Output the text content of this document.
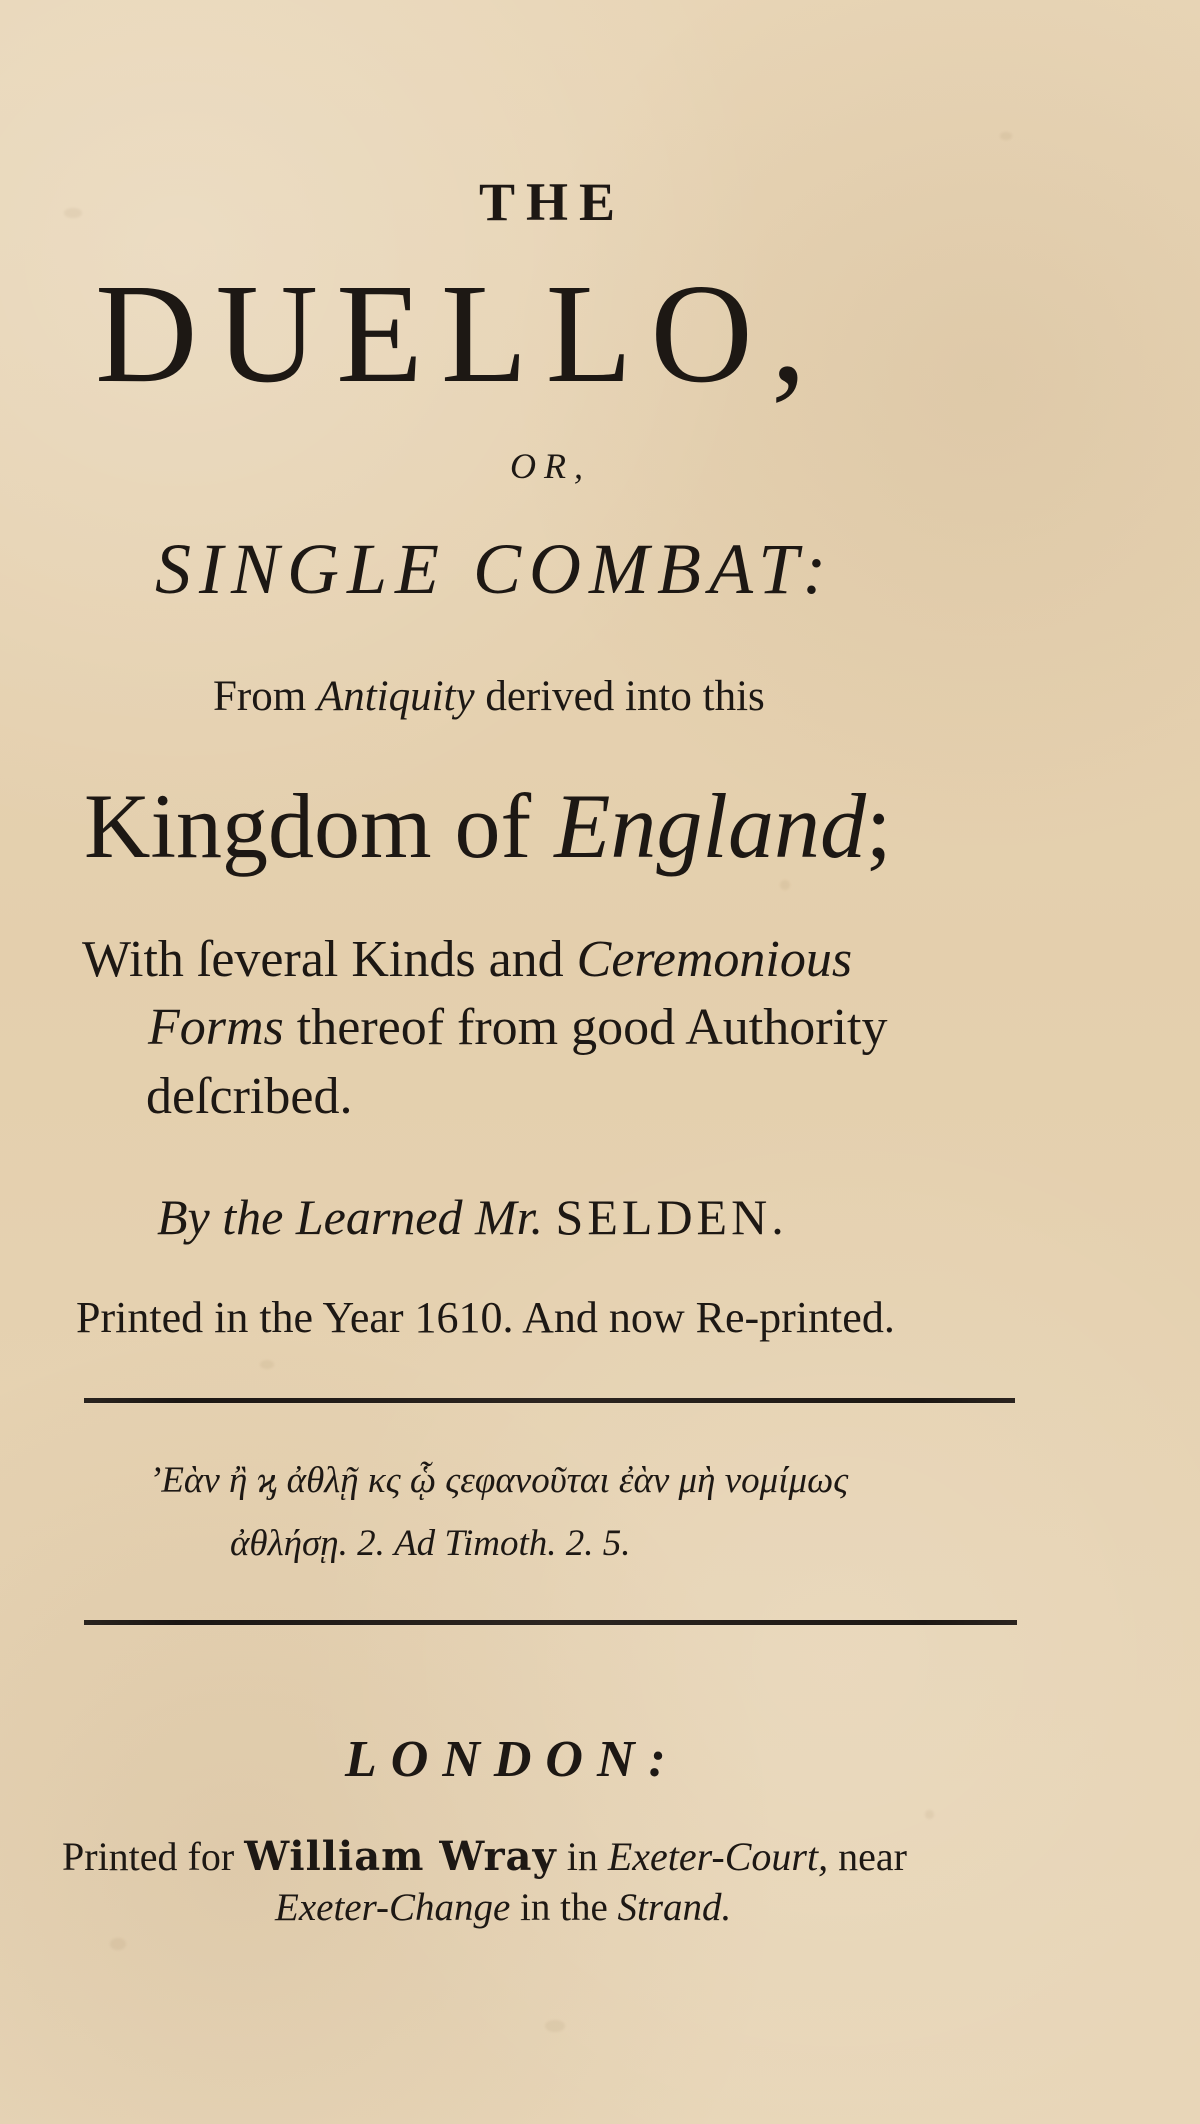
THE
DUELLO,
OR,
SINGLE COMBAT:
From Antiquity derived into this
Kingdom of England;
With ſeveral Kinds and Ceremonious
Forms thereof from good Authority
deſcribed.
By the Learned Mr. SELDEN.
Printed in the Year 1610. And now Re-printed.
’Εὰν ἢ ϗ ἀθλῇ κς ᾧ ςεφανοῦται ἐὰν μὴ νομίμως
ἀθλήσῃ. 2. Ad Timoth. 2. 5.
LONDON:
Printed for William Wray in Exeter-Court, near
Exeter-Change in the Strand.
